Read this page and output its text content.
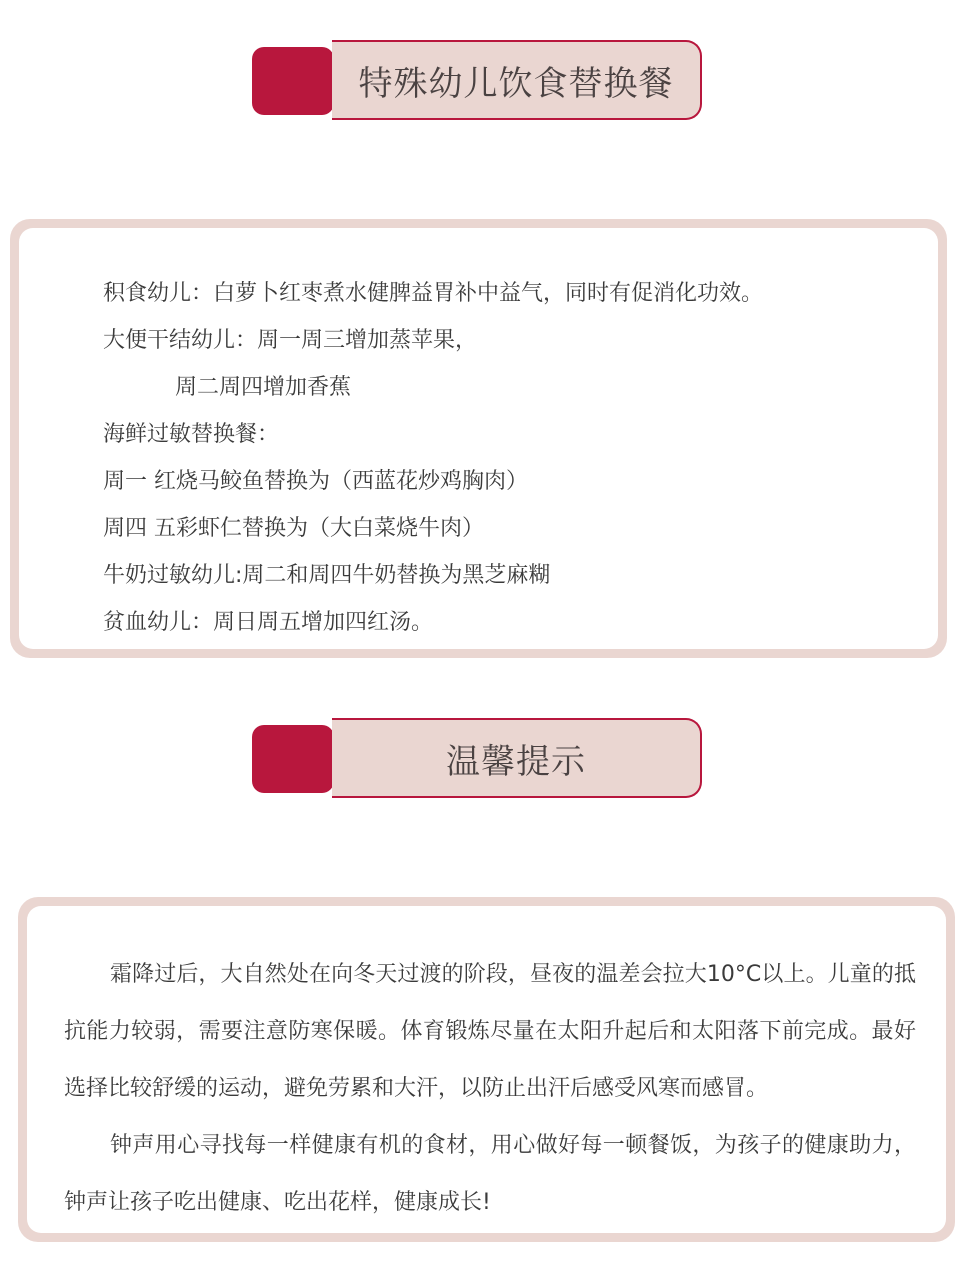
特殊幼儿饮食替换餐
积食幼儿：白萝卜红枣煮水健脾益胃补中益气，同时有促消化功效。
大便干结幼儿：周一周三增加蒸苹果，
周二周四增加香蕉
海鲜过敏替换餐：
周一 红烧马鲛鱼替换为（西蓝花炒鸡胸肉）
周四 五彩虾仁替换为（大白菜烧牛肉）
牛奶过敏幼儿:周二和周四牛奶替换为黑芝麻糊
贫血幼儿：周日周五增加四红汤。
温馨提示
霜降过后，大自然处在向冬天过渡的阶段，昼夜的温差会拉大10°C以上。儿童的抵抗能力较弱，需要注意防寒保暖。体育锻炼尽量在太阳升起后和太阳落下前完成。最好选择比较舒缓的运动，避免劳累和大汗，以防止出汗后感受风寒而感冒。
钟声用心寻找每一样健康有机的食材，用心做好每一顿餐饭，为孩子的健康助力，钟声让孩子吃出健康、吃出花样，健康成长!
